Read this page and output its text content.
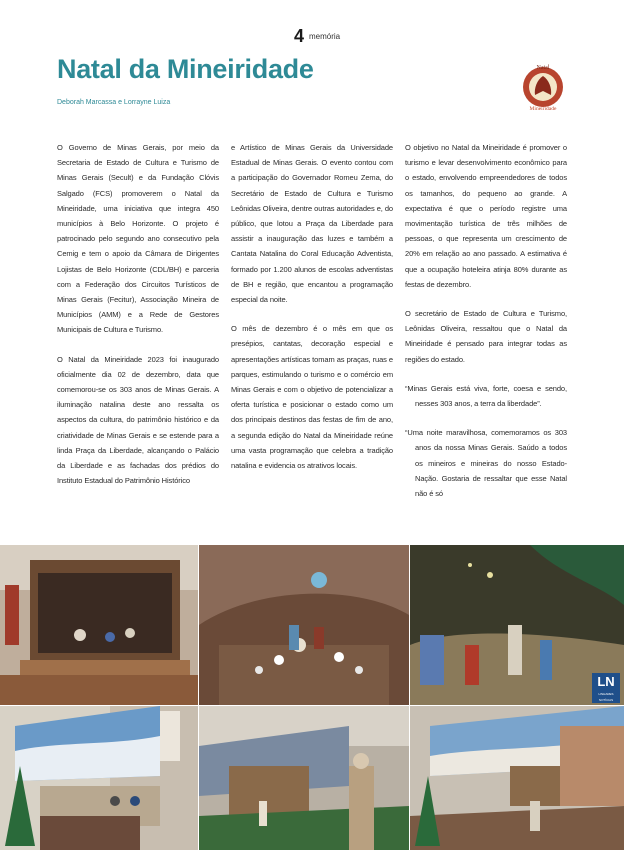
4 memória
Natal da Mineiridade
Deborah Marcassa e Lorrayne Luiza
Natal
Mineiridade

O Governo de Minas Gerais, por meio da Secretaria de Estado de Cultura e Turismo de Minas Gerais (Secult) e da Fundação Clóvis Salgado (FCS) promoverem o Natal da Mineiridade, uma iniciativa que integra 450 municípios à Belo Horizonte. O projeto é patrocinado pelo segundo ano consecutivo pela Cemig e tem o apoio da Câmara de Dirigentes Lojistas de Belo Horizonte (CDL/BH) e parceria com a Federação dos Circuitos Turísticos de Minas Gerais (Fecitur), Associação Mineira de Municípios (AMM) e a Rede de Gestores Municipais de Cultura e Turismo.

O Natal da Mineiridade 2023 foi inaugurado oficialmente dia 02 de dezembro, data que comemorou-se os 303 anos de Minas Gerais. A iluminação natalina deste ano ressalta os aspectos da cultura, do patrimônio histórico e da criatividade de Minas Gerais e se estende para a linda Praça da Liberdade, alcançando o Palácio da Liberdade e as fachadas dos prédios do Instituto Estadual do Patrimônio Histórico

e Artístico de Minas Gerais da Universidade Estadual de Minas Gerais. O evento contou com a participação do Governador Romeu Zema, do Secretário de Estado de Cultura e Turismo Leônidas Oliveira, dentre outras autoridades e, do público, que lotou a Praça da Liberdade para assistir a inauguração das luzes e também a Cantata Natalina do Coral Educação Adventista, formado por 1.200 alunos de escolas adventistas de BH e região, que encantou a programação especial da noite.

O mês de dezembro é o mês em que os presépios, cantatas, decoração especial e apresentações artísticas tomam as praças, ruas e parques, estimulando o turismo e o comércio em Minas Gerais e com o objetivo de potencializar a oferta turística e posicionar o estado como um dos principais destinos das festas de fim de ano, a segunda edição do Natal da Mineiridade reúne uma vasta programação que celebra a tradição natalina e evidencia os atrativos locais.

O objetivo no Natal da Mineiridade é promover o turismo e levar desenvolvimento econômico para o estado, envolvendo empreendedores de todos os tamanhos, do pequeno ao grande. A expectativa é que o período registre uma movimentação turística de três milhões de pessoas, o que representa um crescimento de 20% em relação ao ano passado. A estimativa é que a ocupação hoteleira atinja 80% durante as festas de dezembro.

O secretário de Estado de Cultura e Turismo, Leônidas Oliveira, ressaltou que o Natal da Mineiridade é pensado para integrar todas as regiões do estado.

“Minas Gerais está viva, forte, coesa e sendo, nesses 303 anos, a terra da liberdade”.

“Uma noite maravilhosa, comemoramos os 303 anos da nossa Minas Gerais. Saúdo a todos os mineiros e mineiras do nosso Estado-Nação. Gostaria de ressaltar que esse Natal não é só

LN
LINHARES NOTÍCIAS
